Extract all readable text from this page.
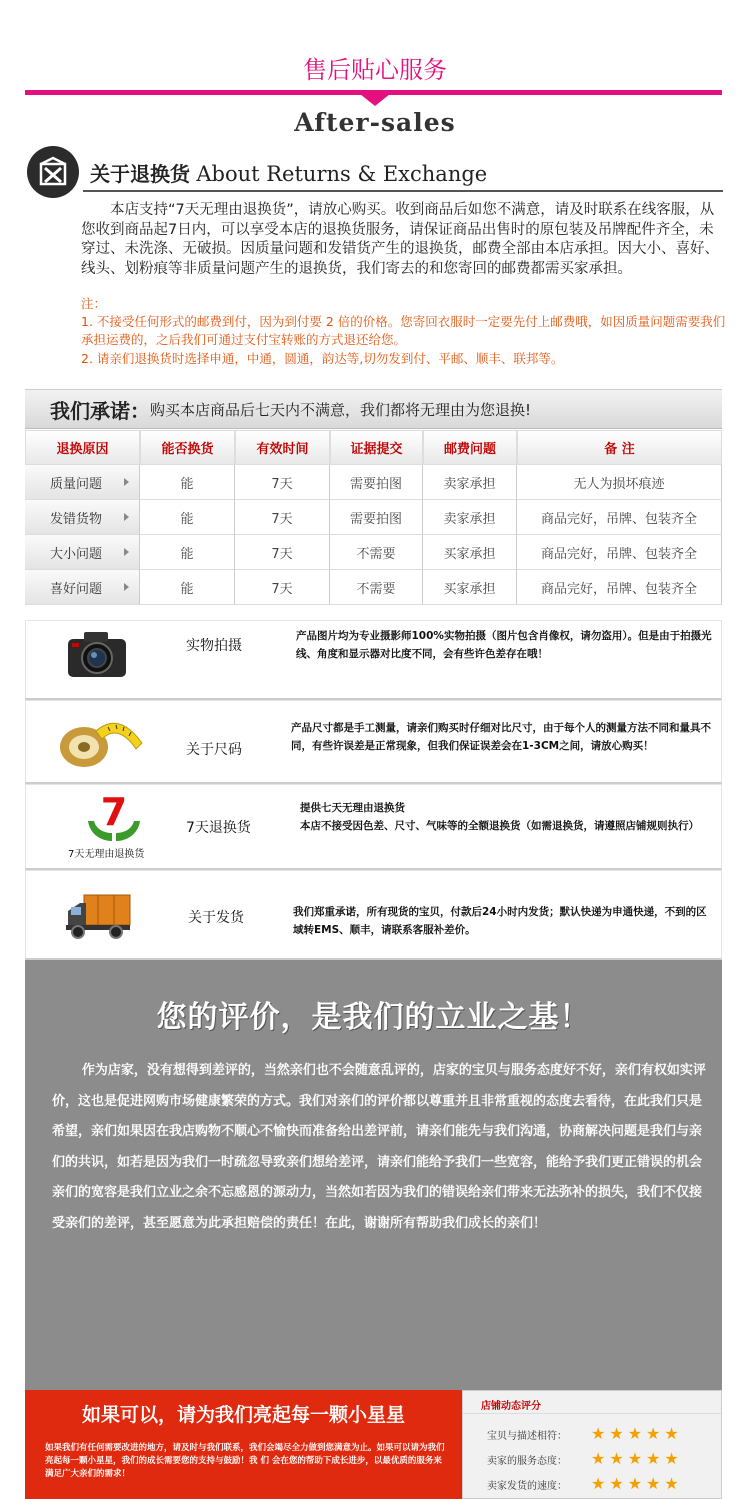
售后贴心服务
After-sales
关于退换货 About Returns & Exchange
本店支持“7天无理由退换货”，请放心购买。收到商品后如您不满意，请及时联系在线客服，从您收到商品起7日内，可以享受本店的退换货服务，请保证商品出售时的原包装及吊牌配件齐全，未穿过、未洗涤、无破损。因质量问题和发错货产生的退换货，邮费全部由本店承担。因大小、喜好、线头、划粉痕等非质量问题产生的退换货，我们寄去的和您寄回的邮费都需买家承担。
注：
1. 不接受任何形式的邮费到付，因为到付要 2 倍的价格。您寄回衣服时一定要先付上邮费哦，如因质量问题需要我们承担运费的，之后我们可通过支付宝转账的方式退还给您。
2. 请亲们退换货时选择申通，中通，圆通，韵达等,切勿发到付、平邮、顺丰、联邦等。
我们承诺： 购买本店商品后七天内不满意，我们都将无理由为您退换!
退换原因	能否换货	有效时间	证据提交	邮费问题	备 注
质量问题	能	7天	需要拍图	卖家承担	无人为损坏痕迹
发错货物	能	7天	需要拍图	卖家承担	商品完好，吊牌、包装齐全
大小问题	能	7天	不需要	买家承担	商品完好，吊牌、包装齐全
喜好问题	能	7天	不需要	买家承担	商品完好，吊牌、包装齐全
实物拍摄
产品图片均为专业摄影师100%实物拍摄（图片包含肖像权，请勿盗用）。但是由于拍摄光线、角度和显示器对比度不同，会有些许色差存在哦！
关于尺码
产品尺寸都是手工测量，请亲们购买时仔细对比尺寸，由于每个人的测量方法不同和量具不同，有些许误差是正常现象，但我们保证误差会在1-3CM之间，请放心购买！
7
7天无理由退换货
7天退换货
提供七天无理由退换货
本店不接受因色差、尺寸、气味等的全额退换货（如需退换货，请遵照店铺规则执行）
关于发货	我们郑重承诺，所有现货的宝贝，付款后24小时内发货；默认快递为申通快递，不到的区域转EMS、顺丰，请联系客服补差价。
您的评价，是我们的立业之基！
作为店家，没有想得到差评的，当然亲们也不会随意乱评的，店家的宝贝与服务态度好不好，亲们有权如实评价，这也是促进网购市场健康繁荣的方式。我们对亲们的评价都以尊重并且非常重视的态度去看待，在此我们只是希望，亲们如果因在我店购物不顺心不愉快而准备给出差评前，请亲们能先与我们沟通，协商解决问题是我们与亲们的共识，如若是因为我们一时疏忽导致亲们想给差评，请亲们能给予我们一些宽容，能给予我们更正错误的机会亲们的宽容是我们立业之余不忘感恩的源动力，当然如若因为我们的错误给亲们带来无法弥补的损失，我们不仅接受亲们的差评，甚至愿意为此承担赔偿的责任！在此，谢谢所有帮助我们成长的亲们！
如果可以，请为我们亮起每一颗小星星
如果我们有任何需要改进的地方，请及时与我们联系，我们会竭尽全力做到您满意为止。如果可以请为我们亮起每一颗小星星，我们的成长需要您的支持与鼓励！我 们 会在您的帮助下成长进步，以最优质的服务来满足广大亲们的需求！
店铺动态评分
宝贝与描述相符：	★ ★ ★ ★ ★
卖家的服务态度：	★ ★ ★ ★ ★
卖家发货的速度：	★ ★ ★ ★ ★
